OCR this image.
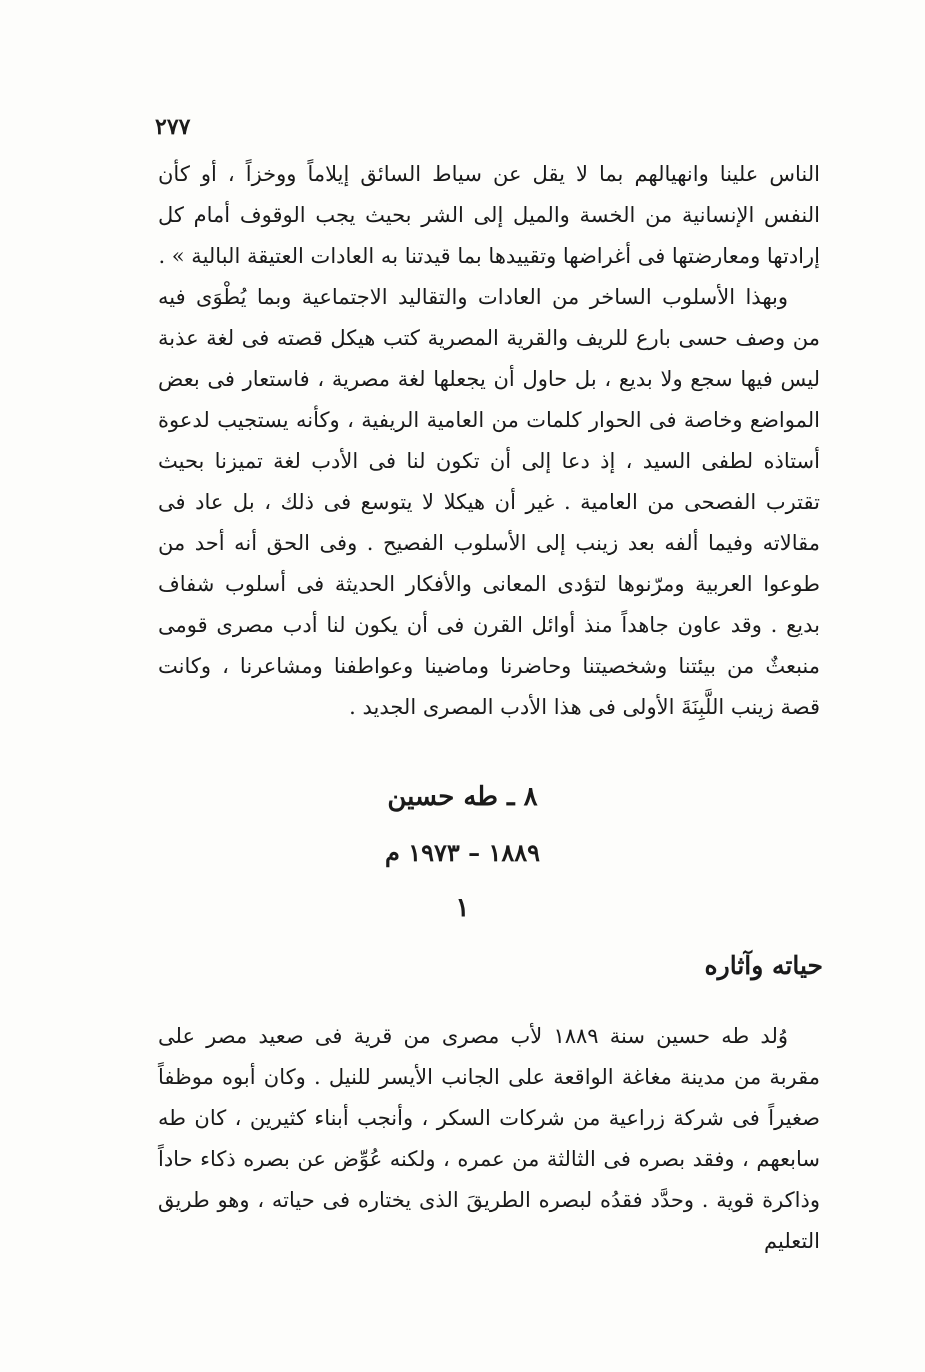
٢٧٧

الناس علينا وانهيالهم بما لا يقل عن سياط السائق إيلاماً ووخزاً ، أو كأن النفس الإنسانية من الخسة والميل إلى الشر بحيث يجب الوقوف أمام كل إرادتها ومعارضتها فى أغراضها وتقييدها بما قيدتنا به العادات العتيقة البالية » .

وبهذا الأسلوب الساخر من العادات والتقاليد الاجتماعية وبما يُطْوَى فيه من وصف حسى بارع للريف والقرية المصرية كتب هيكل قصته فى لغة عذبة ليس فيها سجع ولا بديع ، بل حاول أن يجعلها لغة مصرية ، فاستعار فى بعض المواضع وخاصة فى الحوار كلمات من العامية الريفية ، وكأنه يستجيب لدعوة أستاذه لطفى السيد ، إذ دعا إلى أن تكون لنا فى الأدب لغة تميزنا بحيث تقترب الفصحى من العامية . غير أن هيكلا لا يتوسع فى ذلك ، بل عاد فى مقالاته وفيما ألفه بعد زينب إلى الأسلوب الفصيح . وفى الحق أنه أحد من طوعوا العربية ومرّنوها لتؤدى المعانى والأفكار الحديثة فى أسلوب شفاف بديع . وقد عاون جاهداً منذ أوائل القرن فى أن يكون لنا أدب مصرى قومى منبعثٌ من بيئتنا وشخصيتنا وحاضرنا وماضينا وعواطفنا ومشاعرنا ، وكانت قصة زينب اللَّبِنَةَ الأولى فى هذا الأدب المصرى الجديد .

٨ ـ طه حسين
١٨٨٩ – ١٩٧٣ م
١
حياته وآثاره

وُلد طه حسين سنة ١٨٨٩ لأب مصرى من قرية فى صعيد مصر على مقربة من مدينة مغاغة الواقعة على الجانب الأيسر للنيل . وكان أبوه موظفاً صغيراً فى شركة زراعية من شركات السكر ، وأنجب أبناء كثيرين ، كان طه سابعهم ، وفقد بصره فى الثالثة من عمره ، ولكنه عُوِّض عن بصره ذكاء حاداً وذاكرة قوية . وحدَّد فقدُه لبصره الطريقَ الذى يختاره فى حياته ، وهو طريق التعليم
